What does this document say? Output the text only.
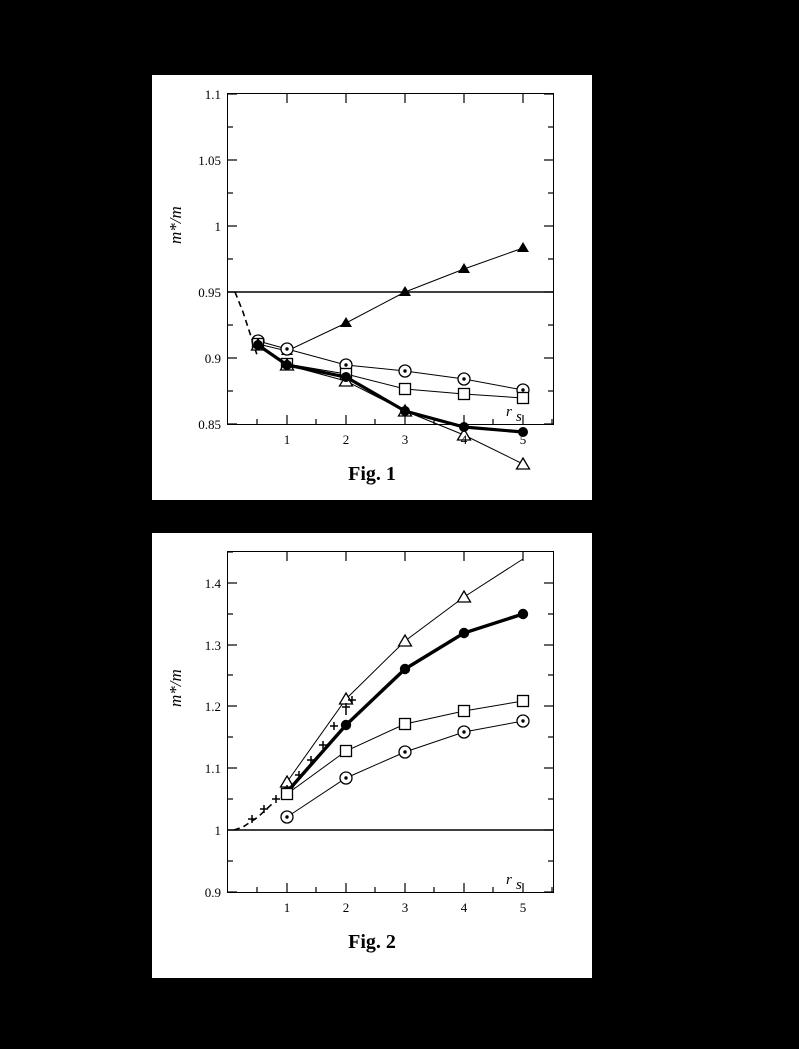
0.85
0.9
0.95
1
1.05
1.1
1	2	3	4	5
r s
m*/m
Fig. 1
0.9
1
1.1
1.2
1.3
1.4
1	2	3	4	5
r s
m*/m
Fig. 2
